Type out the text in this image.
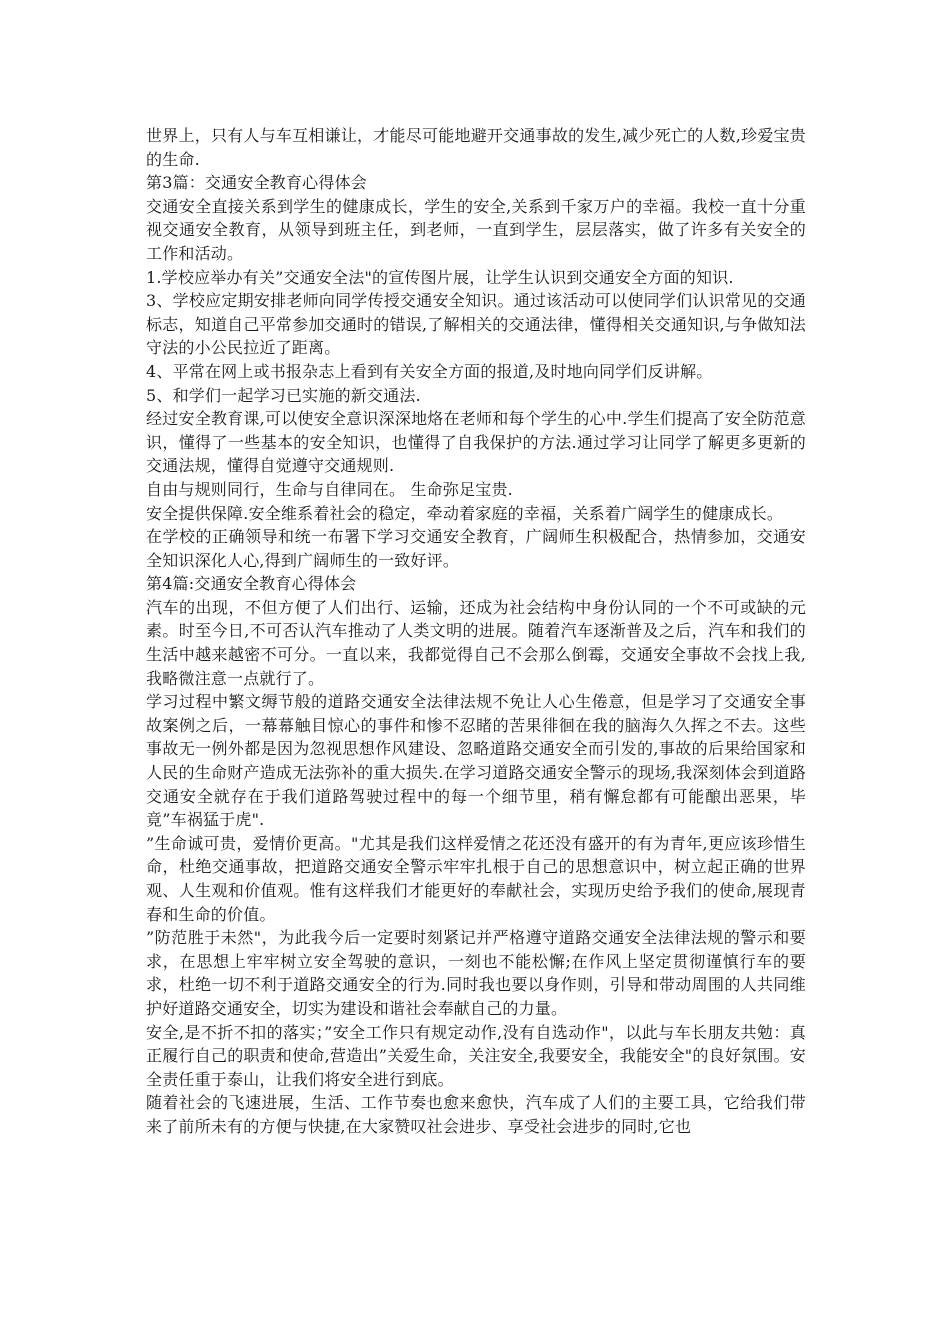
世界上，只有人与车互相谦让，才能尽可能地避开交通事故的发生,减少死亡的人数,珍爱宝贵的生命.

第3篇：交通安全教育心得体会

交通安全直接关系到学生的健康成长，学生的安全,关系到千家万户的幸福。我校一直十分重视交通安全教育，从领导到班主任，到老师，一直到学生，层层落实，做了许多有关安全的工作和活动。

1.学校应举办有关”交通安全法"的宣传图片展，让学生认识到交通安全方面的知识.

3、学校应定期安排老师向同学传授交通安全知识。通过该活动可以使同学们认识常见的交通标志，知道自己平常参加交通时的错误,了解相关的交通法律，懂得相关交通知识,与争做知法守法的小公民拉近了距离。

4、平常在网上或书报杂志上看到有关安全方面的报道,及时地向同学们反讲解。

5、和学们一起学习已实施的新交通法.

经过安全教育课,可以使安全意识深深地烙在老师和每个学生的心中.学生们提高了安全防范意识，懂得了一些基本的安全知识，也懂得了自我保护的方法.通过学习让同学了解更多更新的交通法规，懂得自觉遵守交通规则.

自由与规则同行，生命与自律同在。 生命弥足宝贵.

安全提供保障.安全维系着社会的稳定，牵动着家庭的幸福，关系着广阔学生的健康成长。

在学校的正确领导和统一布署下学习交通安全教育，广阔师生积极配合，热情参加，交通安全知识深化人心,得到广阔师生的一致好评。

第4篇:交通安全教育心得体会

汽车的出现，不但方便了人们出行、运输，还成为社会结构中身份认同的一个不可或缺的元素。时至今日,不可否认汽车推动了人类文明的进展。随着汽车逐渐普及之后，汽车和我们的生活中越来越密不可分。一直以来，我都觉得自己不会那么倒霉，交通安全事故不会找上我,我略微注意一点就行了。

学习过程中繁文缛节般的道路交通安全法律法规不免让人心生倦意，但是学习了交通安全事故案例之后，一幕幕触目惊心的事件和惨不忍睹的苦果徘徊在我的脑海久久挥之不去。这些事故无一例外都是因为忽视思想作风建设、忽略道路交通安全而引发的,事故的后果给国家和人民的生命财产造成无法弥补的重大损失.在学习道路交通安全警示的现场,我深刻体会到道路交通安全就存在于我们道路驾驶过程中的每一个细节里，稍有懈怠都有可能酿出恶果，毕竟”车祸猛于虎".

”生命诚可贵，爱情价更高。"尤其是我们这样爱情之花还没有盛开的有为青年,更应该珍惜生命，杜绝交通事故，把道路交通安全警示牢牢扎根于自己的思想意识中，树立起正确的世界观、人生观和价值观。惟有这样我们才能更好的奉献社会，实现历史给予我们的使命,展现青春和生命的价值。

”防范胜于未然"，为此我今后一定要时刻紧记并严格遵守道路交通安全法律法规的警示和要求，在思想上牢牢树立安全驾驶的意识，一刻也不能松懈;在作风上坚定贯彻谨慎行车的要求，杜绝一切不利于道路交通安全的行为.同时我也要以身作则，引导和带动周围的人共同维护好道路交通安全，切实为建设和谐社会奉献自己的力量。

安全,是不折不扣的落实；”安全工作只有规定动作,没有自选动作"，以此与车长朋友共勉：真正履行自己的职责和使命,营造出”关爱生命，关注安全,我要安全，我能安全"的良好氛围。安全责任重于泰山，让我们将安全进行到底。

随着社会的飞速进展，生活、工作节奏也愈来愈快，汽车成了人们的主要工具，它给我们带来了前所未有的方便与快捷,在大家赞叹社会进步、享受社会进步的同时,它也
